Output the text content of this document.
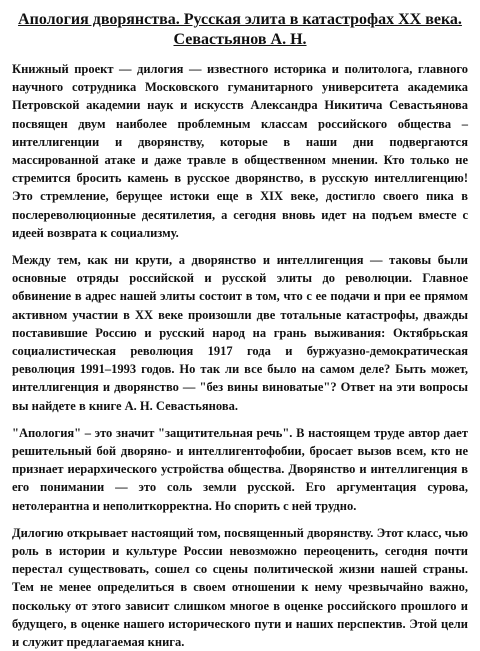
Апология дворянства. Русская элита в катастрофах XX века.
Севастьянов А. Н.

Книжный проект — дилогия — известного историка и политолога, главного научного сотрудника Московского гуманитарного университета академика Петровской академии наук и искусств Александра Никитича Севастьянова посвящен двум наиболее проблемным классам российского общества – интеллигенции и дворянству, которые в наши дни подвергаются массированной атаке и даже травле в общественном мнении. Кто только не стремится бросить камень в русское дворянство, в русскую интеллигенцию! Это стремление, берущее истоки еще в XIX веке, достигло своего пика в послереволюционные десятилетия, а сегодня вновь идет на подъем вместе с идеей возврата к социализму.

Между тем, как ни крути, а дворянство и интеллигенция — таковы были основные отряды российской и русской элиты до революции. Главное обвинение в адрес нашей элиты состоит в том, что с ее подачи и при ее прямом активном участии в XX веке произошли две тотальные катастрофы, дважды поставившие Россию и русский народ на грань выживания: Октябрьская социалистическая революция 1917 года и буржуазно-демократическая революция 1991–1993 годов. Но так ли все было на самом деле? Быть может, интеллигенция и дворянство — "без вины виноватые"? Ответ на эти вопросы вы найдете в книге А. Н. Севастьянова.

"Апология" – это значит "защитительная речь". В настоящем труде автор дает решительный бой дворяно- и интеллигентофобии, бросает вызов всем, кто не признает иерархического устройства общества. Дворянство и интеллигенция в его понимании — это соль земли русской. Его аргументация сурова, нетолерантна и неполиткорректна. Но спорить с ней трудно.

Дилогию открывает настоящий том, посвященный дворянству. Этот класс, чью роль в истории и культуре России невозможно переоценить, сегодня почти перестал существовать, сошел со сцены политической жизни нашей страны. Тем не менее определиться в своем отношении к нему чрезвычайно важно, поскольку от этого зависит слишком многое в оценке российского прошлого и будущего, в оценке нашего исторического пути и наших перспектив. Этой цели и служит предлагаемая книга.
